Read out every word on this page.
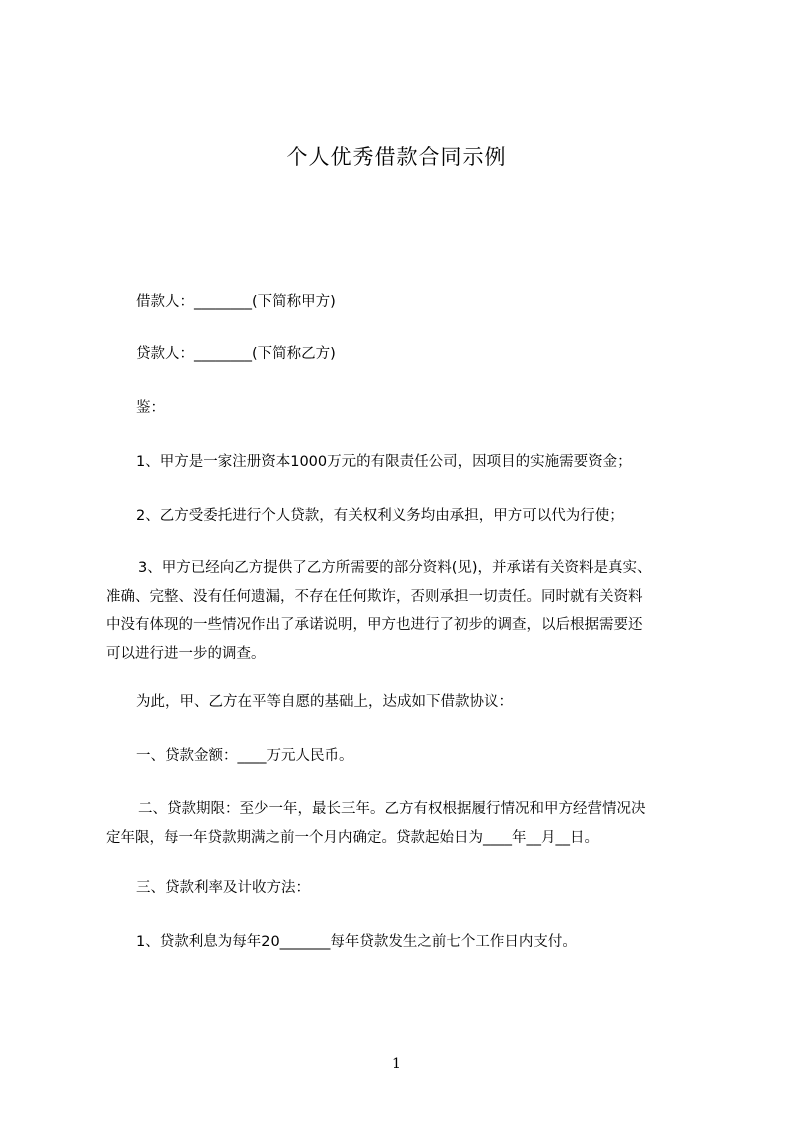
个人优秀借款合同示例
借款人：________(下简称甲方)
贷款人：________(下简称乙方)
鉴：
1、甲方是一家注册资本1000万元的有限责任公司，因项目的实施需要资金；
2、乙方受委托进行个人贷款，有关权利义务均由承担，甲方可以代为行使；
3、甲方已经向乙方提供了乙方所需要的部分资料(见)，并承诺有关资料是真实、
准确、完整、没有任何遗漏，不存在任何欺诈，否则承担一切责任。同时就有关资料
中没有体现的一些情况作出了承诺说明，甲方也进行了初步的调查，以后根据需要还
可以进行进一步的调查。
为此，甲、乙方在平等自愿的基础上，达成如下借款协议：
一、贷款金额：____万元人民币。
二、贷款期限：至少一年，最长三年。乙方有权根据履行情况和甲方经营情况决
定年限，每一年贷款期满之前一个月内确定。贷款起始日为____年__月__日。
三、贷款利率及计收方法：
1、贷款利息为每年20_______每年贷款发生之前七个工作日内支付。
1
